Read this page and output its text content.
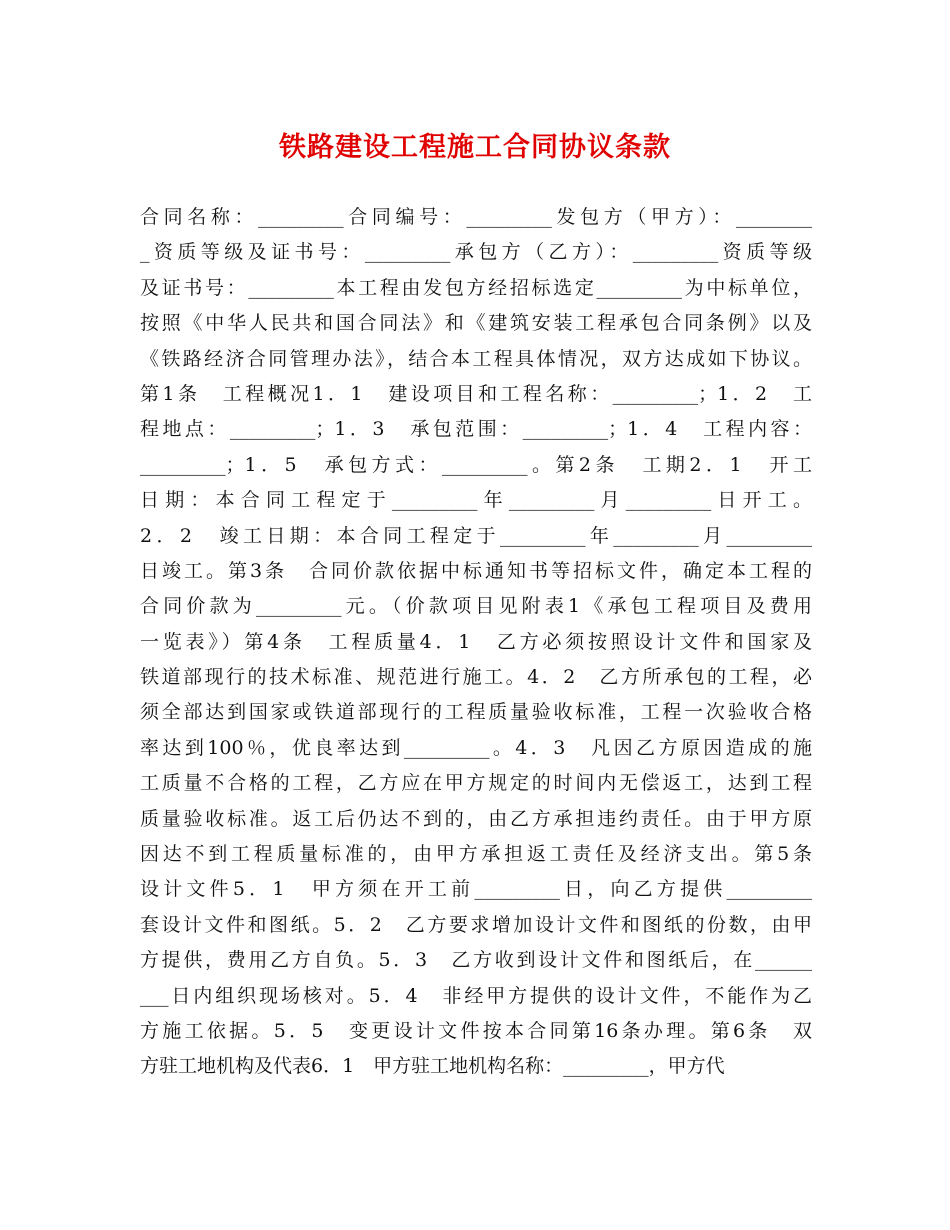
铁路建设工程施工合同协议条款
合同名称：_________合同编号：_________发包方（甲方）：________
_资质等级及证书号：_________承包方（乙方）：_________资质等级
及证书号：_________本工程由发包方经招标选定_________为中标单位，
按照《中华人民共和国合同法》和《建筑安装工程承包合同条例》以及
《铁路经济合同管理办法》，结合本工程具体情况，双方达成如下协议。
第1条　工程概况1．1　建设项目和工程名称：_________；1．2　工
程地点：_________；1．3　承包范围：_________；1．4　工程内容：
_________；1．5　承包方式：_________。第2条　工期2．1　开工
日期：本合同工程定于_________年_________月_________日开工。
2．2　竣工日期：本合同工程定于_________年_________月_________
日竣工。第3条　合同价款依据中标通知书等招标文件，确定本工程的
合同价款为_________元。（价款项目见附表1《承包工程项目及费用
一览表》）第4条　工程质量4．1　乙方必须按照设计文件和国家及
铁道部现行的技术标准、规范进行施工。4．2　乙方所承包的工程，必
须全部达到国家或铁道部现行的工程质量验收标准，工程一次验收合格
率达到100％，优良率达到_________。4．3　凡因乙方原因造成的施
工质量不合格的工程，乙方应在甲方规定的时间内无偿返工，达到工程
质量验收标准。返工后仍达不到的，由乙方承担违约责任。由于甲方原
因达不到工程质量标准的，由甲方承担返工责任及经济支出。第5条
设计文件5．1　甲方须在开工前_________日，向乙方提供_________
套设计文件和图纸。5．2　乙方要求增加设计文件和图纸的份数，由甲
方提供，费用乙方自负。5．3　乙方收到设计文件和图纸后，在______
___日内组织现场核对。5．4　非经甲方提供的设计文件，不能作为乙
方施工依据。5．5　变更设计文件按本合同第16条办理。第6条　双
方驻工地机构及代表6．1　甲方驻工地机构名称：_________，甲方代
